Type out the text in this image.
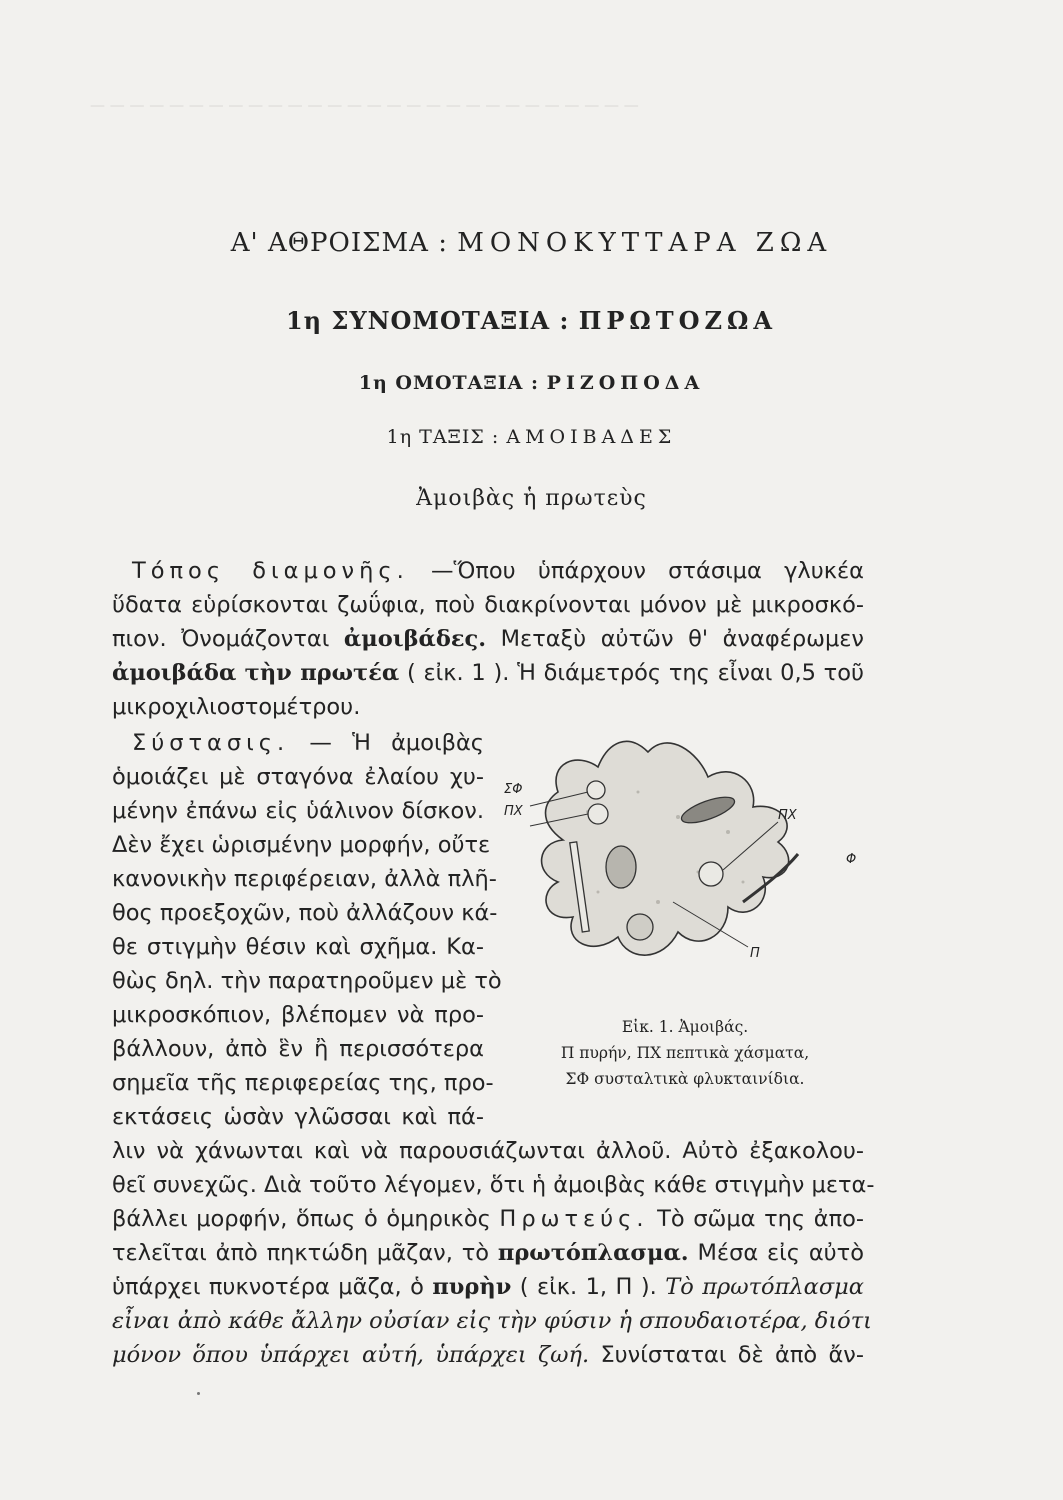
— — — — — — — — — — — — — — — — — — — — — — — — — — — —
Α' ΑΘΡΟΙΣΜΑ : ΜΟΝΟΚΥΤΤΑΡΑ ΖΩΑ
1η ΣΥΝΟΜΟΤΑΞΙΑ : ΠΡΩΤΟΖΩΑ
1η ΟΜΟΤΑΞΙΑ : ΡΙΖΟΠΟΔΑ
1η ΤΑΞΙΣ : ΑΜΟΙΒΑΔΕΣ
Ἀμοιβὰς ἡ πρωτεὺς
Τόπος διαμονῆς. —Ὅπου ὑπάρχουν στάσιμα γλυκέα
ὕδατα εὑρίσκονται ζωΰφια, ποὺ διακρίνονται μόνον μὲ μικροσκό-
πιον. Ὀνομάζονται ἀμοιβάδες. Μεταξὺ αὐτῶν θ' ἀναφέρωμεν
ἀμοιβάδα τὴν πρωτέα ( εἰκ. 1 ). Ἡ διάμετρός της εἶναι 0,5 τοῦ
μικροχιλιοστομέτρου.
Σύστασις. — Ἡ ἀμοιβὰς
ὁμοιάζει μὲ σταγόνα ἐλαίου χυ-
μένην ἐπάνω εἰς ὑάλινον δίσκον.
Δὲν ἔχει ὡρισμένην μορφήν, οὔτε
κανονικὴν περιφέρειαν, ἀλλὰ πλῆ-
θος προεξοχῶν, ποὺ ἀλλάζουν κά-
θε στιγμὴν θέσιν καὶ σχῆμα. Κα-
θὼς δηλ. τὴν παρατηροῦμεν μὲ τὸ
μικροσκόπιον, βλέπομεν νὰ προ-
βάλλουν, ἀπὸ ἓν ἢ περισσότερα
σημεῖα τῆς περιφερείας της, προ-
εκτάσεις ὡσὰν γλῶσσαι καὶ πά-
λιν νὰ χάνωνται καὶ νὰ παρουσιάζωνται ἀλλοῦ. Αὐτὸ ἐξακολου-
θεῖ συνεχῶς. Διὰ τοῦτο λέγομεν, ὅτι ἡ ἀμοιβὰς κάθε στιγμὴν μετα-
βάλλει μορφήν, ὅπως ὁ ὁμηρικὸς Πρωτεύς. Τὸ σῶμα της ἀπο-
τελεῖται ἀπὸ πηκτώδη μᾶζαν, τὸ πρωτόπλασμα. Μέσα εἰς αὐτὸ
ὑπάρχει πυκνοτέρα μᾶζα, ὁ πυρὴν ( εἰκ. 1, Π ). Τὸ πρωτόπλασμα
εἶναι ἀπὸ κάθε ἄλλην οὐσίαν εἰς τὴν φύσιν ἡ σπουδαιοτέρα, διότι
μόνον ὅπου ὑπάρχει αὐτή, ὑπάρχει ζωή. Συνίσταται δὲ ἀπὸ ἄν-
ΣΦ
ΠΧ	ΠΧ
Φ
Π
Εἰκ. 1. Ἀμοιβάς.
Π πυρήν, ΠΧ πεπτικὰ χάσματα,
ΣΦ συσταλτικὰ φλυκταινίδια.
